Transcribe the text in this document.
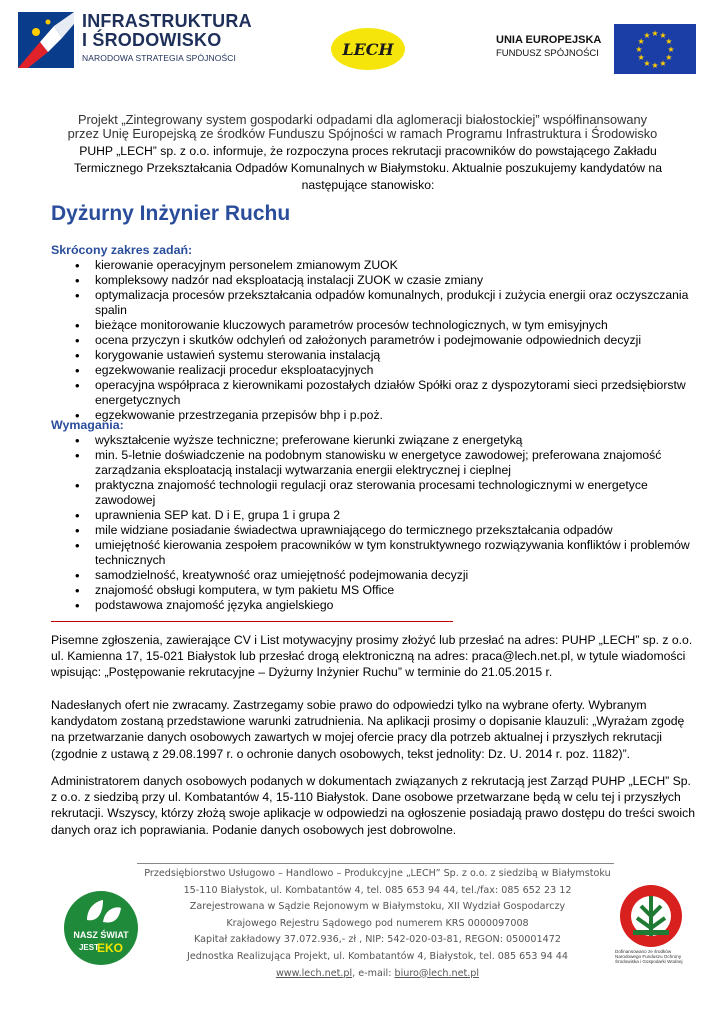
INFRASTRUKTURA
I ŚRODOWISKO
NARODOWA STRATEGIA SPÓJNOŚCI	LECH	UNIA EUROPEJSKA
FUNDUSZ SPÓJNOŚCI	★
★
★
★
★
★
★
★
★ ★ ★
★
Projekt „Zintegrowany system gospodarki odpadami dla aglomeracji białostockiej” współfinansowany
przez Unię Europejską ze środków Funduszu Spójności w ramach Programu Infrastruktura i Środowisko
PUHP „LECH” sp. z o.o. informuje, że rozpoczyna proces rekrutacji pracowników do powstającego Zakładu
Termicznego Przekształcania Odpadów Komunalnych w Białymstoku. Aktualnie poszukujemy kandydatów na
następujące stanowisko:
Dyżurny Inżynier Ruchu
Skrócony zakres zadań:
• kierowanie operacyjnym personelem zmianowym ZUOK
• kompleksowy nadzór nad eksploatacją instalacji ZUOK w czasie zmiany
• optymalizacja procesów przekształcania odpadów komunalnych, produkcji i zużycia energii oraz oczyszczania spalin
• bieżące monitorowanie kluczowych parametrów procesów technologicznych, w tym emisyjnych
• ocena przyczyn i skutków odchyleń od założonych parametrów i podejmowanie odpowiednich decyzji
• korygowanie ustawień systemu sterowania instalacją
• egzekwowanie realizacji procedur eksploatacyjnych
• operacyjna współpraca z kierownikami pozostałych działów Spółki oraz z dyspozytorami sieci przedsiębiorstw energetycznych
• egzekwowanie przestrzegania przepisów bhp i p.poż.
Wymagania:
• wykształcenie wyższe techniczne; preferowane kierunki związane z energetyką
• min. 5-letnie doświadczenie na podobnym stanowisku w energetyce zawodowej; preferowana znajomość zarządzania eksploatacją instalacji wytwarzania energii elektrycznej i cieplnej
• praktyczna znajomość technologii regulacji oraz sterowania procesami technologicznymi w energetyce zawodowej
• uprawnienia SEP kat. D i E, grupa 1 i grupa 2
• mile widziane posiadanie świadectwa uprawniającego do termicznego przekształcania odpadów
• umiejętność kierowania zespołem pracowników w tym konstruktywnego rozwiązywania konfliktów i problemów technicznych
• samodzielność, kreatywność oraz umiejętność podejmowania decyzji
• znajomość obsługi komputera, w tym pakietu MS Office
• podstawowa znajomość języka angielskiego
Pisemne zgłoszenia, zawierające CV i List motywacyjny prosimy złożyć lub przesłać na adres: PUHP „LECH” sp. z o.o. ul. Kamienna 17, 15-021 Białystok lub przesłać drogą elektroniczną na adres: praca@lech.net.pl, w tytule wiadomości wpisując: „Postępowanie rekrutacyjne – Dyżurny Inżynier Ruchu” w terminie do 21.05.2015 r.
Nadesłanych ofert nie zwracamy. Zastrzegamy sobie prawo do odpowiedzi tylko na wybrane oferty. Wybranym kandydatom zostaną przedstawione warunki zatrudnienia. Na aplikacji prosimy o dopisanie klauzuli: „Wyrażam zgodę na przetwarzanie danych osobowych zawartych w mojej ofercie pracy dla potrzeb aktualnej i przyszłych rekrutacji (zgodnie z ustawą z 29.08.1997 r. o ochronie danych osobowych, tekst jednolity: Dz. U. 2014 r. poz. 1182)”.
Administratorem danych osobowych podanych w dokumentach związanych z rekrutacją jest Zarząd PUHP „LECH” Sp. z o.o. z siedzibą przy ul. Kombatantów 4, 15-110 Białystok. Dane osobowe przetwarzane będą w celu tej i przyszłych rekrutacji. Wszyscy, którzy złożą swoje aplikacje w odpowiedzi na ogłoszenie posiadają prawo dostępu do treści swoich danych oraz ich poprawiania. Podanie danych osobowych jest dobrowolne.
Przedsiębiorstwo Usługowo – Handlowo – Produkcyjne „LECH” Sp. z o.o. z siedzibą w Białymstoku
15-110 Białystok, ul. Kombatantów 4, tel. 085 653 94 44, tel./fax: 085 652 23 12
Zarejestrowana w Sądzie Rejonowym w Białymstoku, XII Wydział Gospodarczy
Krajowego Rejestru Sądowego pod numerem KRS 0000097008
Kapitał zakładowy 37.072.936,- zł , NIP: 542-020-03-81, REGON: 050001472
Jednostka Realizująca Projekt, ul. Kombatantów 4, Białystok, tel. 085 653 94 44
www.lech.net.pl, e-mail: biuro@lech.net.pl
NASZ ŚWIAT
JEST
EKO	Dofinansowano ze środków Narodowego Funduszu Ochrony Środowiska i Gospodarki Wodnej
